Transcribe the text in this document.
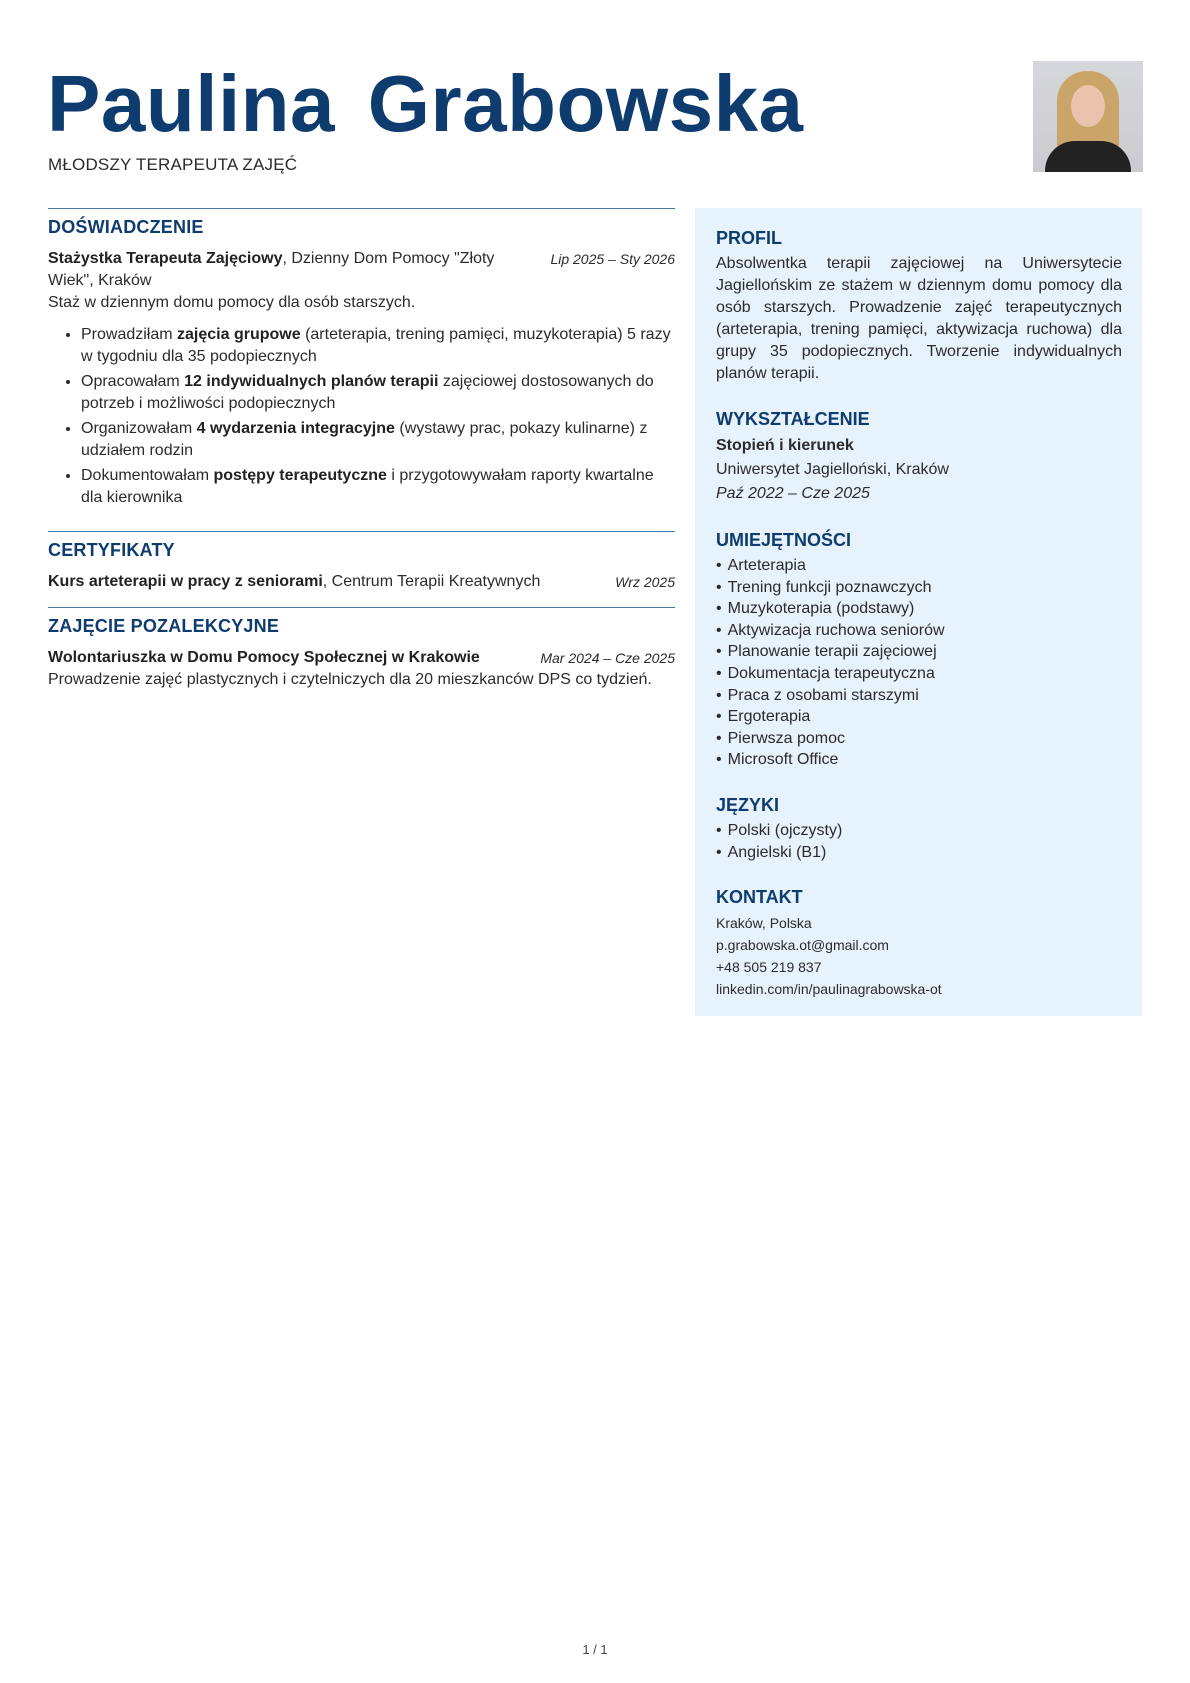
Paulina Grabowska
MŁODSZY TERAPEUTA ZAJĘĆ
DOŚWIADCZENIE
Stażystka Terapeuta Zajęciowy, Dzienny Dom Pomocy "Złoty Wiek", Kraków
Lip 2025 – Sty 2026

Staż w dziennym domu pomocy dla osób starszych.

• Prowadziłam zajęcia grupowe (arteterapia, trening pamięci, muzykoterapia) 5 razy w tygodniu dla 35 podopiecznych
• Opracowałam 12 indywidualnych planów terapii zajęciowej dostosowanych do potrzeb i możliwości podopiecznych
• Organizowałam 4 wydarzenia integracyjne (wystawy prac, pokazy kulinarne) z udziałem rodzin
• Dokumentowałam postępy terapeutyczne i przygotowywałam raporty kwartalne dla kierownika
CERTYFIKATY
Kurs arteterapii w pracy z seniorami, Centrum Terapii Kreatywnych	Wrz 2025
ZAJĘCIE POZALEKCYJNE
Wolontariuszka w Domu Pomocy Społecznej w Krakowie	Mar 2024 – Cze 2025

Prowadzenie zajęć plastycznych i czytelniczych dla 20 mieszkanców DPS co tydzień.

PROFIL

Absolwentka terapii zajęciowej na Uniwersytecie Jagiellońskim ze stażem w dziennym domu pomocy dla osób starszych. Prowadzenie zajęć terapeutycznych (arteterapia, trening pamięci, aktywizacja ruchowa) dla grupy 35 podopiecznych. Tworzenie indywidualnych planów terapii.

WYKSZTAŁCENIE

Stopień i kierunek

Uniwersytet Jagielloński, Kraków

Paź 2022 – Cze 2025

UMIEJĘTNOŚCI
• Arteterapia
• Trening funkcji poznawczych
• Muzykoterapia (podstawy)
• Aktywizacja ruchowa seniorów
• Planowanie terapii zajęciowej
• Dokumentacja terapeutyczna
• Praca z osobami starszymi
• Ergoterapia
• Pierwsza pomoc
• Microsoft Office
JĘZYKI
• Polski (ojczysty)
• Angielski (B1)
KONTAKT
Kraków, Polska
p.grabowska.ot@gmail.com
+48 505 219 837
linkedin.com/in/paulinagrabowska-ot
1 / 1
